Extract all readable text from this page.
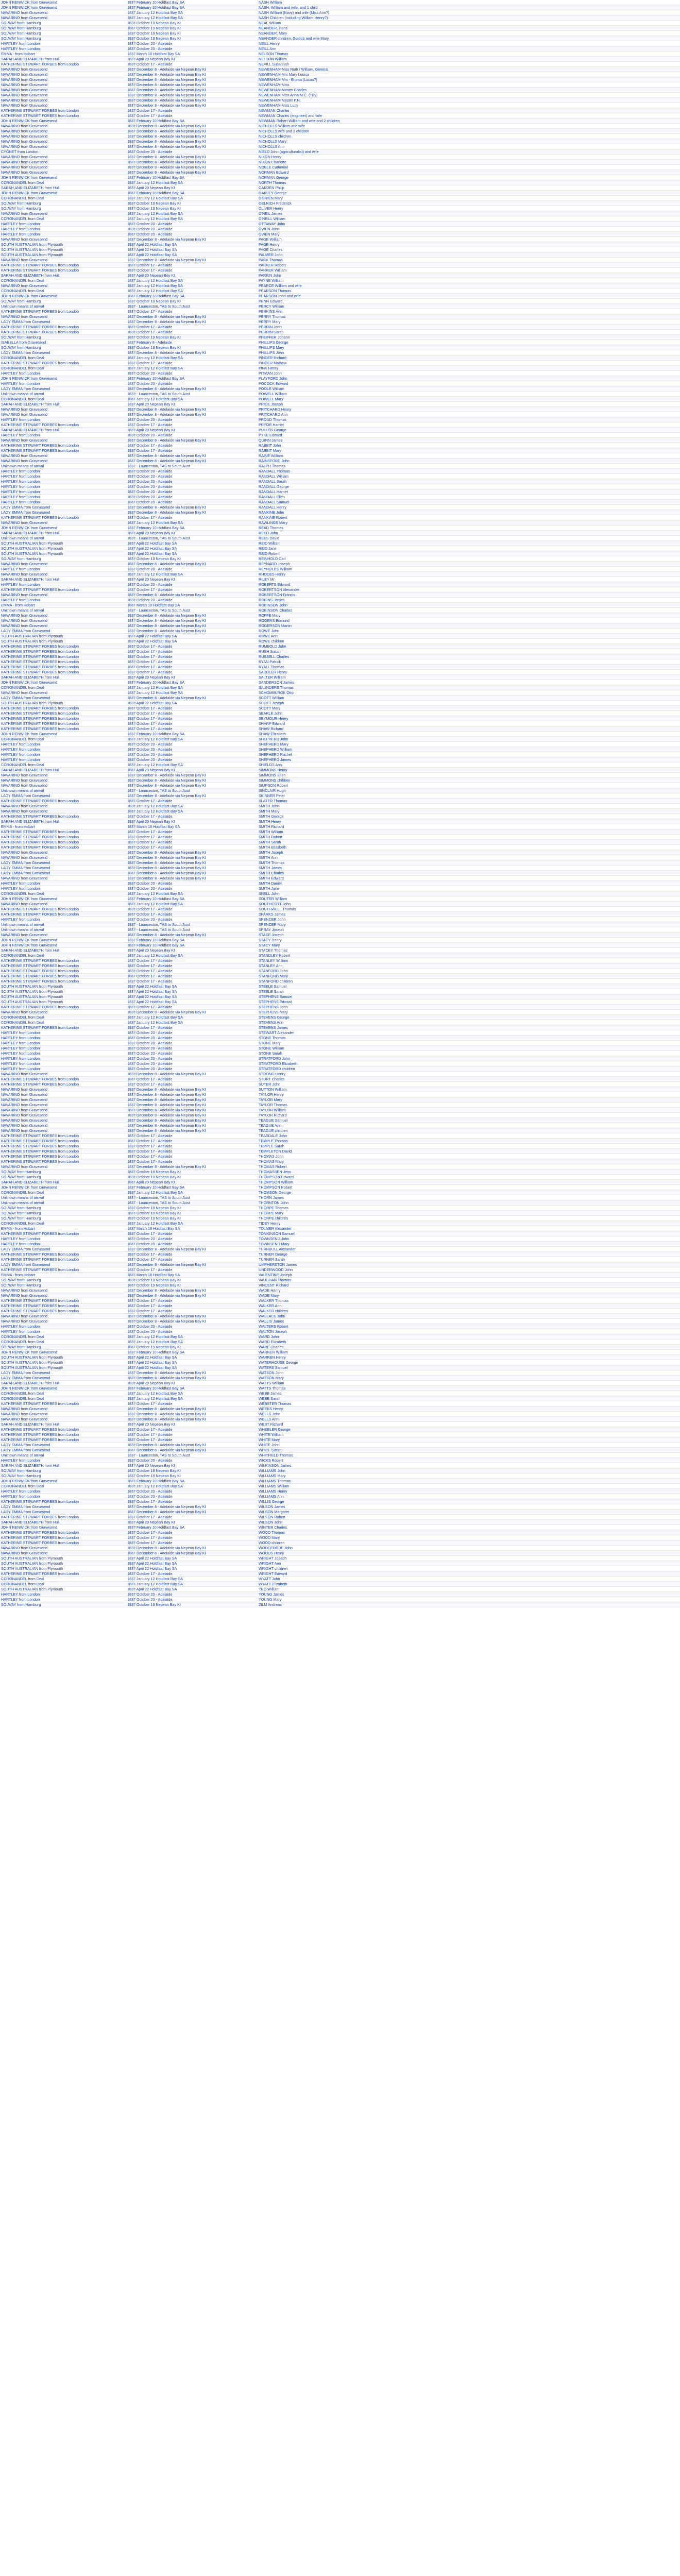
JOHN RENWICK from Gravesend	1837 February 10 Holdfast Bay SA	NASH William
JOHN RENWICK from Gravesend	1837 February 10 Holdfast Bay SA	NASH, William and wife, and 1 child
NAVARINO from Gravesend	1837 January 12 Holdfast Bay SA	NASH William (Navy) and wife (Miss Ann?)
NAVARINO from Gravesend	1837 January 12 Holdfast Bay SA	NASH Children (including William Henry?)
SOLWAY from Hamburg	1837 October 19 Nepean Bay KI	NEAL William
SOLWAY from Hamburg	1837 October 19 Nepean Bay KI	NEANDER, Hans
SOLWAY from Hamburg	1837 October 19 Nepean Bay KI	NEANDER, Mary
SOLWAY from Hamburg	1837 October 19 Nepean Bay KI	NEANDER children, Gottlob and wife Mary
HARTLEY from London	1837 October 20 - Adelaide	NEILL Henry
HARTLEY from London	1837 October 20 - Adelaide	NEILL Ann
EMMA - from Hobart	1837 March 18 Holdfast Bay SA	NELSON Thomas
SARAH AND ELIZABETH from Hull	1837 April 20 Nepean Bay KI	NELSON William
KATHERINE STEWART FORBES from London	1837 October 17 - Adelaide	NEVILL Susannah
NAVARINO from Gravesend	1837 December 8 - Adelaide via Nepean Bay KI	NEWENHAM Miss Ruth / William, General
NAVARINO from Gravesend	1837 December 8 - Adelaide via Nepean Bay KI	NEWENHAM Mrs Mary Louisa
NAVARINO from Gravesend	1837 December 8 - Adelaide via Nepean Bay KI	NEWENHAM Mrs - Emma (Lucas?)
NAVARINO from Gravesend	1837 December 8 - Adelaide via Nepean Bay KI	NEWENHAM Miss
NAVARINO from Gravesend	1837 December 8 - Adelaide via Nepean Bay KI	NEWENHAM Master Charles
NAVARINO from Gravesend	1837 December 8 - Adelaide via Nepean Bay KI	NEWENHAM Miss Anna M.C. (Tilly)
NAVARINO from Gravesend	1837 December 8 - Adelaide via Nepean Bay KI	NEWENHAM Master P.H.
NAVARINO from Gravesend	1837 December 8 - Adelaide via Nepean Bay KI	NEWENHAM Miss Lucy
KATHERINE STEWART FORBES from London	1837 October 17 - Adelaide	NEWMAN Charles
KATHERINE STEWART FORBES from London	1837 October 17 - Adelaide	NEWMAN Charles (engineer) and wife
JOHN RENWICK from Gravesend	1837 February 10 Holdfast Bay SA	NEWMAN Robert William and wife and 2 children
NAVARINO from Gravesend	1837 December 8 - Adelaide via Nepean Bay KI	NICHOLLS William and wife
NAVARINO from Gravesend	1837 December 8 - Adelaide via Nepean Bay KI	NICHOLLS wife and 3 children
NAVARINO from Gravesend	1837 December 8 - Adelaide via Nepean Bay KI	NICHOLLS children
NAVARINO from Gravesend	1837 December 8 - Adelaide via Nepean Bay KI	NICHOLLS Mary
NAVARINO from Gravesend	1837 December 8 - Adelaide via Nepean Bay KI	NICHOLLS Ann
CYGNET from London	1837 October 20 - Adelaide	NIELD John (agriculturalist) and wife
NAVARINO from Gravesend	1837 December 8 - Adelaide via Nepean Bay KI	NIXON Henry
NAVARINO from Gravesend	1837 December 8 - Adelaide via Nepean Bay KI	NIXON Charlotte
NAVARINO from Gravesend	1837 December 8 - Adelaide via Nepean Bay KI	NOBLE Catherine
NAVARINO from Gravesend	1837 December 8 - Adelaide via Nepean Bay KI	NORMAN Edward
JOHN RENWICK from Gravesend	1837 February 10 Holdfast Bay SA	NORMAN George
CORONANDEL from Deal	1837 January 12 Holdfast Bay SA	NORTH Thomas
SARAH AND ELIZABETH from Hull	1837 April 20 Nepean Bay KI	OAKDEN Philip
JOHN RENWICK from Gravesend	1837 February 10 Holdfast Bay SA	OAKLEY George
CORONANDEL from Deal	1837 January 12 Holdfast Bay SA	O'BRIEN Mary
SOLWAY from Hamburg	1837 October 19 Nepean Bay KI	OELRICH Frederick
SOLWAY from Hamburg	1837 October 19 Nepean Bay KI	OLIVER Henry
NAVARINO from Gravesend	1837 January 12 Holdfast Bay SA	O'NEIL James
CORONANDEL from Deal	1837 January 12 Holdfast Bay SA	O'NEILL William
HARTLEY from London	1837 October 20 - Adelaide	OTTAWAY John
HARTLEY from London	1837 October 20 - Adelaide	OWEN John
HARTLEY from London	1837 October 20 - Adelaide	OWEN Mary
NAVARINO from Gravesend	1837 December 8 - Adelaide via Nepean Bay KI	PAGE William
SOUTH AUSTRALIAN from Plymouth	1837 April 22 Holdfast Bay SA	PAGE Henry
SOUTH AUSTRALIAN from Plymouth	1837 April 22 Holdfast Bay SA	PAGE Charles
SOUTH AUSTRALIAN from Plymouth	1837 April 22 Holdfast Bay SA	PALMER John
NAVARINO from Gravesend	1837 December 8 - Adelaide via Nepean Bay KI	PARK Thomas
KATHERINE STEWART FORBES from London	1837 October 17 - Adelaide	PARKER Robert
KATHERINE STEWART FORBES from London	1837 October 17 - Adelaide	PARKER William
SARAH AND ELIZABETH from Hull	1837 April 20 Nepean Bay KI	PARKIN John
CORONANDEL from Deal	1837 January 12 Holdfast Bay SA	PAYNE William
NAVARINO from Gravesend	1837 January 12 Holdfast Bay SA	PEARCE William and wife
CORONANDEL from Deal	1837 January 12 Holdfast Bay SA	PEARSON Thomas
JOHN RENWICK from Gravesend	1837 February 10 Holdfast Bay SA	PEARSON John and wife
SOLWAY from Hamburg	1837 October 19 Nepean Bay KI	PENN Edward
Unknown means of arrival	1837 - Launceston, TAS to South Aust	PERCY William
KATHERINE STEWART FORBES from London	1837 October 17 - Adelaide	PERKINS Ann
NAVARINO from Gravesend	1837 December 8 - Adelaide via Nepean Bay KI	PERRY Thomas
LADY EMMA from Gravesend	1837 December 8 - Adelaide via Nepean Bay KI	PERRY Mary
KATHERINE STEWART FORBES from London	1837 October 17 - Adelaide	PERRIN John
KATHERINE STEWART FORBES from London	1837 October 17 - Adelaide	PERRIN Sarah
SOLWAY from Hamburg	1837 October 19 Nepean Bay KI	PFEIFFER Johann
ISABELLA from Gravesend	1837 February 8 - Adelaide	PHILLIPS George
SOLWAY from Hamburg	1837 October 19 Nepean Bay KI	PHILLIPS Mary
LADY EMMA from Gravesend	1837 December 8 - Adelaide via Nepean Bay KI	PHILLIPS John
CORONANDEL from Deal	1837 January 12 Holdfast Bay SA	PINDER Richard
KATHERINE STEWART FORBES from London	1837 October 17 - Adelaide	PINDER Mathew
CORONANDEL from Deal	1837 January 12 Holdfast Bay SA	PINK Henry
HARTLEY from London	1837 October 20 - Adelaide	PITMAN John
JOHN RENWICK from Gravesend	1837 February 10 Holdfast Bay SA	PLAYFORD John
HARTLEY from London	1837 October 20 - Adelaide	POCOCK Edward
LADY EMMA from Gravesend	1837 December 8 - Adelaide via Nepean Bay KI	POOLE William
Unknown means of arrival	1837 - Launceston, TAS to South Aust	POWELL William
CORONANDEL from Deal	1837 January 12 Holdfast Bay SA	POWELL Mary
SARAH AND ELIZABETH from Hull	1837 April 20 Nepean Bay KI	PRICE Joseph
NAVARINO from Gravesend	1837 December 8 - Adelaide via Nepean Bay KI	PRITCHARD Henry
NAVARINO from Gravesend	1837 December 8 - Adelaide via Nepean Bay KI	PRITCHARD Ann
HARTLEY from London	1837 October 20 - Adelaide	PROUD Thomas
KATHERINE STEWART FORBES from London	1837 October 17 - Adelaide	PRYOR Harriet
SARAH AND ELIZABETH from Hull	1837 April 20 Nepean Bay KI	PULLEN George
HARTLEY from London	1837 October 20 - Adelaide	PYKE Edward
NAVARINO from Gravesend	1837 December 8 - Adelaide via Nepean Bay KI	QUINN James
KATHERINE STEWART FORBES from London	1837 October 17 - Adelaide	RABBIT John
KATHERINE STEWART FORBES from London	1837 October 17 - Adelaide	RABBIT Mary
NAVARINO from Gravesend	1837 December 8 - Adelaide via Nepean Bay KI	RAINE William
NAVARINO from Gravesend	1837 December 8 - Adelaide via Nepean Bay KI	RAINSFORD John
Unknown means of arrival	1837 - Launceston, TAS to South Aust	RALPH Thomas
HARTLEY from London	1837 October 20 - Adelaide	RANDALL Thomas
HARTLEY from London	1837 October 20 - Adelaide	RANDALL William
HARTLEY from London	1837 October 20 - Adelaide	RANDALL Sarah
HARTLEY from London	1837 October 20 - Adelaide	RANDALL George
HARTLEY from London	1837 October 20 - Adelaide	RANDALL Harriet
HARTLEY from London	1837 October 20 - Adelaide	RANDALL Ellen
HARTLEY from London	1837 October 20 - Adelaide	RANDALL Samuel
LADY EMMA from Gravesend	1837 December 8 - Adelaide via Nepean Bay KI	RANDALL Henry
LADY EMMA from Gravesend	1837 December 8 - Adelaide via Nepean Bay KI	RANKINE John
KATHERINE STEWART FORBES from London	1837 October 17 - Adelaide	RANKINE Robert
NAVARINO from Gravesend	1837 January 12 Holdfast Bay SA	RAWLINGS Mary
JOHN RENWICK from Gravesend	1837 February 10 Holdfast Bay SA	READ Thomas
SARAH AND ELIZABETH from Hull	1837 April 20 Nepean Bay KI	REED John
Unknown means of arrival	1837 - Launceston, TAS to South Aust	REES David
SOUTH AUSTRALIAN from Plymouth	1837 April 22 Holdfast Bay SA	REID William
SOUTH AUSTRALIAN from Plymouth	1837 April 22 Holdfast Bay SA	REID Jane
SOUTH AUSTRALIAN from Plymouth	1837 April 22 Holdfast Bay SA	REID Robert
SOLWAY from Hamburg	1837 October 19 Nepean Bay KI	REINHOLD Carl
NAVARINO from Gravesend	1837 December 8 - Adelaide via Nepean Bay KI	REYNARD Joseph
HARTLEY from London	1837 October 20 - Adelaide	REYNOLDS William
NAVARINO from Gravesend	1837 January 12 Holdfast Bay SA	RHODES Henry
SARAH AND ELIZABETH from Hull	1837 April 20 Nepean Bay KI	RILEY Mr
HARTLEY from London	1837 October 20 - Adelaide	ROBERTS Edward
KATHERINE STEWART FORBES from London	1837 October 17 - Adelaide	ROBERTSON Alexander
NAVARINO from Gravesend	1837 December 8 - Adelaide via Nepean Bay KI	ROBERTSON Francis
HARTLEY from London	1837 October 20 - Adelaide	ROBINS James
EMMA - from Hobart	1837 March 18 Holdfast Bay SA	ROBINSON John
Unknown means of arrival	1837 - Launceston, TAS to South Aust	ROBINSON Charles
NAVARINO from Gravesend	1837 December 8 - Adelaide via Nepean Bay KI	ROFFE Mary
NAVARINO from Gravesend	1837 December 8 - Adelaide via Nepean Bay KI	ROGERS Edmund
NAVARINO from Gravesend	1837 December 8 - Adelaide via Nepean Bay KI	ROGERSON Martin
LADY EMMA from Gravesend	1837 December 8 - Adelaide via Nepean Bay KI	ROWE John
SOUTH AUSTRALIAN from Plymouth	1837 April 22 Holdfast Bay SA	ROWE Ann
SOUTH AUSTRALIAN from Plymouth	1837 April 22 Holdfast Bay SA	ROWE children
KATHERINE STEWART FORBES from London	1837 October 17 - Adelaide	RUMBOLD John
KATHERINE STEWART FORBES from London	1837 October 17 - Adelaide	RUSH Susan
KATHERINE STEWART FORBES from London	1837 October 17 - Adelaide	RUSSELL Charles
KATHERINE STEWART FORBES from London	1837 October 17 - Adelaide	RYAN Patrick
KATHERINE STEWART FORBES from London	1837 October 17 - Adelaide	RYALL Thomas
KATHERINE STEWART FORBES from London	1837 October 17 - Adelaide	SADDLER Henry
SARAH AND ELIZABETH from Hull	1837 April 20 Nepean Bay KI	SALTER William
JOHN RENWICK from Gravesend	1837 February 10 Holdfast Bay SA	SANDERSON James
CORONANDEL from Deal	1837 January 12 Holdfast Bay SA	SAUNDERS Thomas
NAVARINO from Gravesend	1837 January 12 Holdfast Bay SA	SCHOMBURGK Otto
LADY EMMA from Gravesend	1837 December 8 - Adelaide via Nepean Bay KI	SCOTT William
SOUTH AUSTRALIAN from Plymouth	1837 April 22 Holdfast Bay SA	SCOTT Joseph
KATHERINE STEWART FORBES from London	1837 October 17 - Adelaide	SCOTT Mary
KATHERINE STEWART FORBES from London	1837 October 17 - Adelaide	SEARLE John
KATHERINE STEWART FORBES from London	1837 October 17 - Adelaide	SEYMOUR Henry
KATHERINE STEWART FORBES from London	1837 October 17 - Adelaide	SHARP Edward
KATHERINE STEWART FORBES from London	1837 October 17 - Adelaide	SHAW Richard
JOHN RENWICK from Gravesend	1837 February 10 Holdfast Bay SA	SHAW Elizabeth
CORONANDEL from Deal	1837 January 12 Holdfast Bay SA	SHEPHERD John
HARTLEY from London	1837 October 20 - Adelaide	SHEPHERD Mary
HARTLEY from London	1837 October 20 - Adelaide	SHEPHERD William
HARTLEY from London	1837 October 20 - Adelaide	SHEPHERD Rachel
HARTLEY from London	1837 October 20 - Adelaide	SHEPHERD James
CORONANDEL from Deal	1837 January 12 Holdfast Bay SA	SHIELDS Ann
SARAH AND ELIZABETH from Hull	1837 April 20 Nepean Bay KI	SIMMONS Henry
NAVARINO from Gravesend	1837 December 8 - Adelaide via Nepean Bay KI	SIMMONS Ellen
NAVARINO from Gravesend	1837 December 8 - Adelaide via Nepean Bay KI	SIMMONS children
NAVARINO from Gravesend	1837 December 8 - Adelaide via Nepean Bay KI	SIMPSON Robert
Unknown means of arrival	1837 - Launceston, TAS to South Aust	SINCLAIR Hugh
LADY EMMA from Gravesend	1837 December 8 - Adelaide via Nepean Bay KI	SKINNER Peter
KATHERINE STEWART FORBES from London	1837 October 17 - Adelaide	SLATER Thomas
NAVARINO from Gravesend	1837 January 12 Holdfast Bay SA	SMITH John
NAVARINO from Gravesend	1837 January 12 Holdfast Bay SA	SMITH Mary
KATHERINE STEWART FORBES from London	1837 October 17 - Adelaide	SMITH George
SARAH AND ELIZABETH from Hull	1837 April 20 Nepean Bay KI	SMITH Henry
EMMA - from Hobart	1837 March 18 Holdfast Bay SA	SMITH Richard
KATHERINE STEWART FORBES from London	1837 October 17 - Adelaide	SMITH William
KATHERINE STEWART FORBES from London	1837 October 17 - Adelaide	SMITH Robert
KATHERINE STEWART FORBES from London	1837 October 17 - Adelaide	SMITH Sarah
KATHERINE STEWART FORBES from London	1837 October 17 - Adelaide	SMITH Elizabeth
NAVARINO from Gravesend	1837 December 8 - Adelaide via Nepean Bay KI	SMITH Joseph
NAVARINO from Gravesend	1837 December 8 - Adelaide via Nepean Bay KI	SMITH Ann
LADY EMMA from Gravesend	1837 December 8 - Adelaide via Nepean Bay KI	SMITH Thomas
LADY EMMA from Gravesend	1837 December 8 - Adelaide via Nepean Bay KI	SMITH James
LADY EMMA from Gravesend	1837 December 8 - Adelaide via Nepean Bay KI	SMITH Charles
NAVARINO from Gravesend	1837 December 8 - Adelaide via Nepean Bay KI	SMITH Edward
HARTLEY from London	1837 October 20 - Adelaide	SMITH Daniel
HARTLEY from London	1837 October 20 - Adelaide	SMITH Jane
CORONANDEL from Deal	1837 January 12 Holdfast Bay SA	SNELL John
JOHN RENWICK from Gravesend	1837 February 10 Holdfast Bay SA	SOUTER William
NAVARINO from Gravesend	1837 January 12 Holdfast Bay SA	SOUTHCOTT John
KATHERINE STEWART FORBES from London	1837 October 17 - Adelaide	SOUTHWELL Thomas
KATHERINE STEWART FORBES from London	1837 October 17 - Adelaide	SPARKS James
HARTLEY from London	1837 October 20 - Adelaide	SPENCER John
Unknown means of arrival	1837 - Launceston, TAS to South Aust	SPENCER Mary
Unknown means of arrival	1837 - Launceston, TAS to South Aust	SPRAY Joseph
NAVARINO from Gravesend	1837 December 8 - Adelaide via Nepean Bay KI	STACE Joseph
JOHN RENWICK from Gravesend	1837 February 10 Holdfast Bay SA	STACY Henry
JOHN RENWICK from Gravesend	1837 February 10 Holdfast Bay SA	STACY Mary
SARAH AND ELIZABETH from Hull	1837 April 20 Nepean Bay KI	STACEY Thomas
CORONANDEL from Deal	1837 January 12 Holdfast Bay SA	STANDLEY Robert
KATHERINE STEWART FORBES from London	1837 October 17 - Adelaide	STANLEY William
KATHERINE STEWART FORBES from London	1837 October 17 - Adelaide	STANLEY Ann
KATHERINE STEWART FORBES from London	1837 October 17 - Adelaide	STANFORD John
KATHERINE STEWART FORBES from London	1837 October 17 - Adelaide	STANFORD Mary
KATHERINE STEWART FORBES from London	1837 October 17 - Adelaide	STANFORD children
SOUTH AUSTRALIAN from Plymouth	1837 April 22 Holdfast Bay SA	STEELE Samuel
SOUTH AUSTRALIAN from Plymouth	1837 April 22 Holdfast Bay SA	STEELE Sarah
SOUTH AUSTRALIAN from Plymouth	1837 April 22 Holdfast Bay SA	STEPHENS Samuel
SOUTH AUSTRALIAN from Plymouth	1837 April 22 Holdfast Bay SA	STEPHENS Edward
KATHERINE STEWART FORBES from London	1837 October 17 - Adelaide	STEPHENS John
NAVARINO from Gravesend	1837 December 8 - Adelaide via Nepean Bay KI	STEPHENS Mary
CORONANDEL from Deal	1837 January 12 Holdfast Bay SA	STEVENS George
CORONANDEL from Deal	1837 January 12 Holdfast Bay SA	STEVENS Ann
KATHERINE STEWART FORBES from London	1837 October 17 - Adelaide	STEVENS James
HARTLEY from London	1837 October 20 - Adelaide	STEWART Alexander
HARTLEY from London	1837 October 20 - Adelaide	STONE Thomas
HARTLEY from London	1837 October 20 - Adelaide	STONE Mary
HARTLEY from London	1837 October 20 - Adelaide	STONE William
HARTLEY from London	1837 October 20 - Adelaide	STONE Sarah
HARTLEY from London	1837 October 20 - Adelaide	STRATFORD John
HARTLEY from London	1837 October 20 - Adelaide	STRATFORD Elizabeth
HARTLEY from London	1837 October 20 - Adelaide	STRATFORD children
NAVARINO from Gravesend	1837 December 8 - Adelaide via Nepean Bay KI	STRONG Henry
KATHERINE STEWART FORBES from London	1837 October 17 - Adelaide	STURT Charles
KATHERINE STEWART FORBES from London	1837 October 17 - Adelaide	SUTER John
NAVARINO from Gravesend	1837 December 8 - Adelaide via Nepean Bay KI	SUTTON William
NAVARINO from Gravesend	1837 December 8 - Adelaide via Nepean Bay KI	TAYLOR Henry
NAVARINO from Gravesend	1837 December 8 - Adelaide via Nepean Bay KI	TAYLOR Mary
NAVARINO from Gravesend	1837 December 8 - Adelaide via Nepean Bay KI	TAYLOR Thomas
NAVARINO from Gravesend	1837 December 8 - Adelaide via Nepean Bay KI	TAYLOR William
NAVARINO from Gravesend	1837 December 8 - Adelaide via Nepean Bay KI	TAYLOR Richard
NAVARINO from Gravesend	1837 December 8 - Adelaide via Nepean Bay KI	TEAGUE Samuel
NAVARINO from Gravesend	1837 December 8 - Adelaide via Nepean Bay KI	TEAGUE Ann
NAVARINO from Gravesend	1837 December 8 - Adelaide via Nepean Bay KI	TEAGUE children
KATHERINE STEWART FORBES from London	1837 October 17 - Adelaide	TEASDALE John
KATHERINE STEWART FORBES from London	1837 October 17 - Adelaide	TEMPLE Thomas
KATHERINE STEWART FORBES from London	1837 October 17 - Adelaide	TEMPLE Sarah
KATHERINE STEWART FORBES from London	1837 October 17 - Adelaide	TEMPLETON David
KATHERINE STEWART FORBES from London	1837 October 17 - Adelaide	THOMAS John
KATHERINE STEWART FORBES from London	1837 October 17 - Adelaide	THOMAS Mary
NAVARINO from Gravesend	1837 December 8 - Adelaide via Nepean Bay KI	THOMAS Robert
SOLWAY from Hamburg	1837 October 19 Nepean Bay KI	THOMASSEN Jens
SOLWAY from Hamburg	1837 October 19 Nepean Bay KI	THOMPSON Edward
SARAH AND ELIZABETH from Hull	1837 April 20 Nepean Bay KI	THOMPSON William
JOHN RENWICK from Gravesend	1837 February 10 Holdfast Bay SA	THOMPSON Robert
CORONANDEL from Deal	1837 January 12 Holdfast Bay SA	THOMSON George
Unknown means of arrival	1837 - Launceston, TAS to South Aust	THORN James
Unknown means of arrival	1837 - Launceston, TAS to South Aust	THORNTON John
SOLWAY from Hamburg	1837 October 19 Nepean Bay KI	THORPE Thomas
SOLWAY from Hamburg	1837 October 19 Nepean Bay KI	THORPE Mary
SOLWAY from Hamburg	1837 October 19 Nepean Bay KI	THORPE children
CORONANDEL from Deal	1837 January 12 Holdfast Bay SA	TIDEY Henry
EMMA - from Hobart	1837 March 18 Holdfast Bay SA	TOLMER Alexander
KATHERINE STEWART FORBES from London	1837 October 17 - Adelaide	TOMKINSON Samuel
HARTLEY from London	1837 October 20 - Adelaide	TOWNSEND John
HARTLEY from London	1837 October 20 - Adelaide	TOWNSEND Mary
LADY EMMA from Gravesend	1837 December 8 - Adelaide via Nepean Bay KI	TURNBULL Alexander
KATHERINE STEWART FORBES from London	1837 October 17 - Adelaide	TURNER George
KATHERINE STEWART FORBES from London	1837 October 17 - Adelaide	TURNER Sarah
LADY EMMA from Gravesend	1837 December 8 - Adelaide via Nepean Bay KI	UMPHERSTON James
KATHERINE STEWART FORBES from London	1837 October 17 - Adelaide	UNDERWOOD John
EMMA - from Hobart	1837 March 18 Holdfast Bay SA	VALENTINE Joseph
SOLWAY from Hamburg	1837 October 19 Nepean Bay KI	VAUGHAN Thomas
SOLWAY from Hamburg	1837 October 19 Nepean Bay KI	VINCENT Richard
NAVARINO from Gravesend	1837 December 8 - Adelaide via Nepean Bay KI	WADE Henry
NAVARINO from Gravesend	1837 December 8 - Adelaide via Nepean Bay KI	WADE Mary
KATHERINE STEWART FORBES from London	1837 October 17 - Adelaide	WALKER Thomas
KATHERINE STEWART FORBES from London	1837 October 17 - Adelaide	WALKER Ann
KATHERINE STEWART FORBES from London	1837 October 17 - Adelaide	WALKER children
NAVARINO from Gravesend	1837 December 8 - Adelaide via Nepean Bay KI	WALLACE John
NAVARINO from Gravesend	1837 December 8 - Adelaide via Nepean Bay KI	WALLIS James
HARTLEY from London	1837 October 20 - Adelaide	WALTERS Robert
HARTLEY from London	1837 October 20 - Adelaide	WALTON Joseph
CORONANDEL from Deal	1837 January 12 Holdfast Bay SA	WARD John
CORONANDEL from Deal	1837 January 12 Holdfast Bay SA	WARD Elizabeth
SOLWAY from Hamburg	1837 October 19 Nepean Bay KI	WARE Charles
JOHN RENWICK from Gravesend	1837 February 10 Holdfast Bay SA	WARNER William
SOUTH AUSTRALIAN from Plymouth	1837 April 22 Holdfast Bay SA	WARREN Henry
SOUTH AUSTRALIAN from Plymouth	1837 April 22 Holdfast Bay SA	WATERHOUSE George
SOUTH AUSTRALIAN from Plymouth	1837 April 22 Holdfast Bay SA	WATERS Samuel
LADY EMMA from Gravesend	1837 December 8 - Adelaide via Nepean Bay KI	WATSON John
LADY EMMA from Gravesend	1837 December 8 - Adelaide via Nepean Bay KI	WATSON Mary
SARAH AND ELIZABETH from Hull	1837 April 20 Nepean Bay KI	WATTS William
JOHN RENWICK from Gravesend	1837 February 10 Holdfast Bay SA	WATTS Thomas
CORONANDEL from Deal	1837 January 12 Holdfast Bay SA	WEBB James
CORONANDEL from Deal	1837 January 12 Holdfast Bay SA	WEBB Sarah
KATHERINE STEWART FORBES from London	1837 October 17 - Adelaide	WEBSTER Thomas
NAVARINO from Gravesend	1837 December 8 - Adelaide via Nepean Bay KI	WEEKS Henry
NAVARINO from Gravesend	1837 December 8 - Adelaide via Nepean Bay KI	WELLS John
NAVARINO from Gravesend	1837 December 8 - Adelaide via Nepean Bay KI	WELLS Ann
SARAH AND ELIZABETH from Hull	1837 April 20 Nepean Bay KI	WEST Richard
KATHERINE STEWART FORBES from London	1837 October 17 - Adelaide	WHEELER George
KATHERINE STEWART FORBES from London	1837 October 17 - Adelaide	WHITE William
KATHERINE STEWART FORBES from London	1837 October 17 - Adelaide	WHITE Mary
LADY EMMA from Gravesend	1837 December 8 - Adelaide via Nepean Bay KI	WHITE John
LADY EMMA from Gravesend	1837 December 8 - Adelaide via Nepean Bay KI	WHITE Sarah
Unknown means of arrival	1837 - Launceston, TAS to South Aust	WHITFIELD Thomas
HARTLEY from London	1837 October 20 - Adelaide	WICKS Robert
SARAH AND ELIZABETH from Hull	1837 April 20 Nepean Bay KI	WILKINSON James
SOLWAY from Hamburg	1837 October 19 Nepean Bay KI	WILLIAMS John
SOLWAY from Hamburg	1837 October 19 Nepean Bay KI	WILLIAMS Mary
JOHN RENWICK from Gravesend	1837 February 10 Holdfast Bay SA	WILLIAMS Thomas
CORONANDEL from Deal	1837 January 12 Holdfast Bay SA	WILLIAMS William
HARTLEY from London	1837 October 20 - Adelaide	WILLIAMS Henry
HARTLEY from London	1837 October 20 - Adelaide	WILLIAMS Ann
KATHERINE STEWART FORBES from London	1837 October 17 - Adelaide	WILLIS George
LADY EMMA from Gravesend	1837 December 8 - Adelaide via Nepean Bay KI	WILSON James
LADY EMMA from Gravesend	1837 December 8 - Adelaide via Nepean Bay KI	WILSON Margaret
KATHERINE STEWART FORBES from London	1837 October 17 - Adelaide	WILSON Robert
SARAH AND ELIZABETH from Hull	1837 April 20 Nepean Bay KI	WILSON John
JOHN RENWICK from Gravesend	1837 February 10 Holdfast Bay SA	WINTER Charles
KATHERINE STEWART FORBES from London	1837 October 17 - Adelaide	WOOD Thomas
KATHERINE STEWART FORBES from London	1837 October 17 - Adelaide	WOOD Mary
KATHERINE STEWART FORBES from London	1837 October 17 - Adelaide	WOOD children
NAVARINO from Gravesend	1837 December 8 - Adelaide via Nepean Bay KI	WOODFORDE John
NAVARINO from Gravesend	1837 December 8 - Adelaide via Nepean Bay KI	WOODS Henry
SOUTH AUSTRALIAN from Plymouth	1837 April 22 Holdfast Bay SA	WRIGHT Joseph
SOUTH AUSTRALIAN from Plymouth	1837 April 22 Holdfast Bay SA	WRIGHT Ann
SOUTH AUSTRALIAN from Plymouth	1837 April 22 Holdfast Bay SA	WRIGHT children
KATHERINE STEWART FORBES from London	1837 October 17 - Adelaide	WRIGHT Edward
CORONANDEL from Deal	1837 January 12 Holdfast Bay SA	WYATT John
CORONANDEL from Deal	1837 January 12 Holdfast Bay SA	WYATT Elizabeth
SOUTH AUSTRALIAN from Plymouth	1837 April 22 Holdfast Bay SA	YEO William
HARTLEY from London	1837 October 20 - Adelaide	YOUNG James
HARTLEY from London	1837 October 20 - Adelaide	YOUNG Mary
SOLWAY from Hamburg	1837 October 19 Nepean Bay KI	ZILM Andreas
